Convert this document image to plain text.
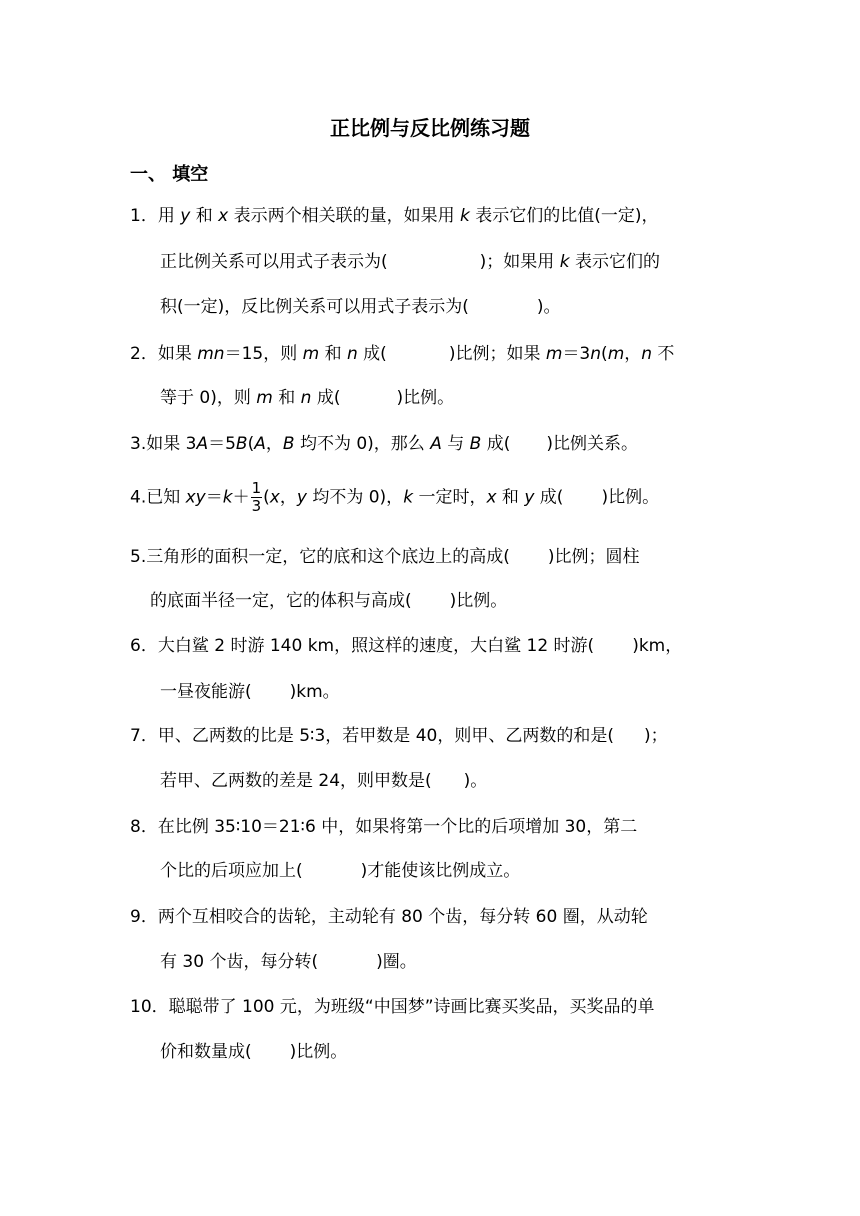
正比例与反比例练习题
一、 填空
1．用 y 和 x 表示两个相关联的量，如果用 k 表示它们的比值(一定)，
正比例关系可以用式子表示为(	)；如果用 k 表示它们的
积(一定)，反比例关系可以用式子表示为(	)。
2．如果 mn＝15，则 m 和 n 成(	)比例；如果 m＝3n(m，n 不
等于 0)，则 m 和 n 成(	)比例。
3.如果 3A＝5B(A，B 均不为 0)，那么 A 与 B 成( )比例关系。
4.已知 $xy=k+ \frac{1}{3} (x$，y 均不为 0)，k 一定时，x 和 y 成( )比例。
5.三角形的面积一定，它的底和这个底边上的高成( )比例；圆柱
的底面半径一定，它的体积与高成( )比例。
6．大白鲨 2 时游 140 km，照这样的速度，大白鲨 12 时游( )km，
一昼夜能游( )km。
7．甲、乙两数的比是 5∶3，若甲数是 40，则甲、乙两数的和是( )；
若甲、乙两数的差是 24，则甲数是( )。
8．在比例 35∶10＝21∶6 中，如果将第一个比的后项增加 30，第二
个比的后项应加上(	)才能使该比例成立。
9．两个互相咬合的齿轮，主动轮有 80 个齿，每分转 60 圈，从动轮
有 30 个齿，每分转(	)圈。
10．聪聪带了 100 元，为班级“中国梦”诗画比赛买奖品，买奖品的单
价和数量成( )比例。
